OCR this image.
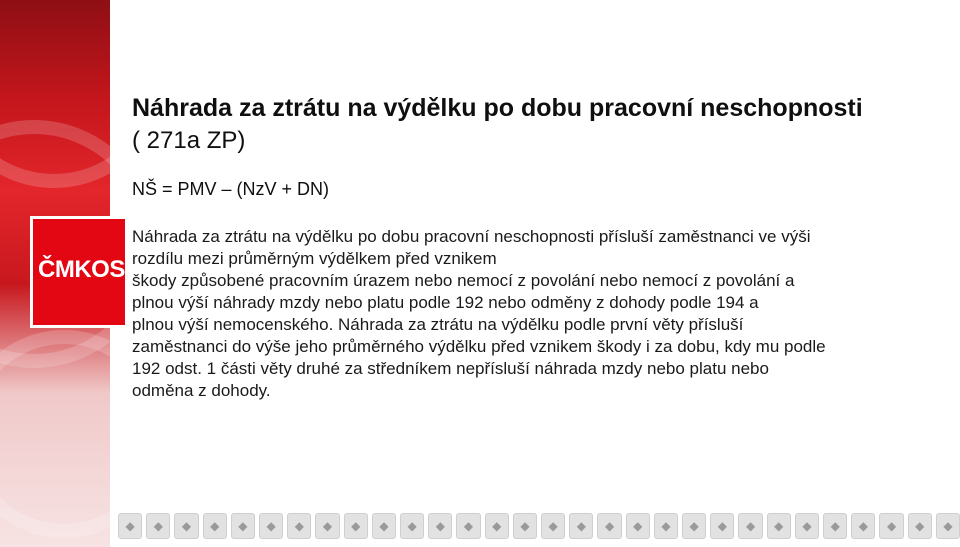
ČMKOS
Náhrada za ztrátu na výdělku po dobu pracovní neschopnosti

( 271a ZP)

NŠ = PMV – (NzV + DN)

Náhrada za ztrátu na výdělku po dobu pracovní neschopnosti přísluší zaměstnanci ve výši
rozdílu mezi průměrným výdělkem před vznikem
škody způsobené pracovním úrazem nebo nemocí z povolání nebo nemocí z povolání a
plnou výší náhrady mzdy nebo platu podle 192 nebo odměny z dohody podle 194 a
plnou výší nemocenského. Náhrada za ztrátu na výdělku podle první věty přísluší
zaměstnanci do výše jeho průměrného výdělku před vznikem škody i za dobu, kdy mu podle
192 odst. 1 části věty druhé za středníkem nepřísluší náhrada mzdy nebo platu nebo
odměna z dohody.

◆	◆	◆	◆	◆	◆	◆	◆	◆	◆	◆	◆	◆	◆	◆	◆	◆	◆	◆	◆	◆	◆	◆	◆	◆	◆	◆	◆	◆	◆
